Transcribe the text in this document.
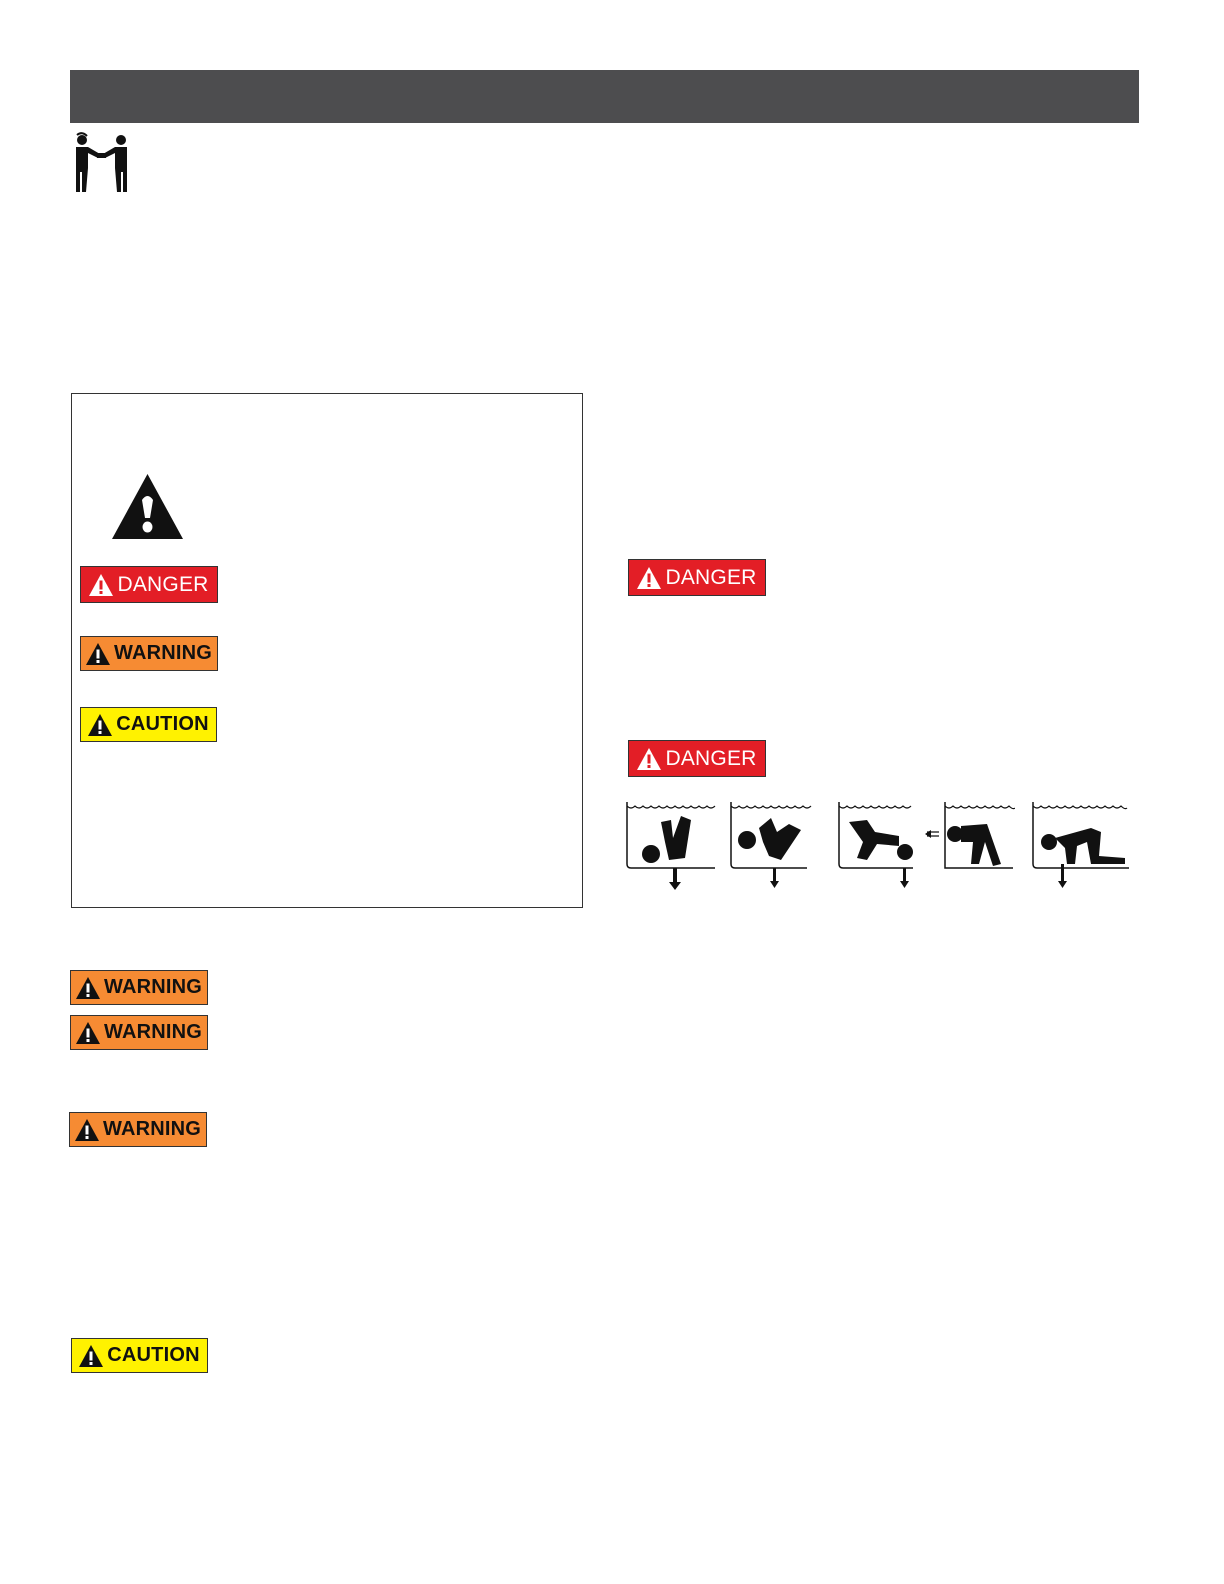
DANGER
WARNING
CAUTION
DANGER
DANGER
WARNING
WARNING
WARNING
CAUTION
